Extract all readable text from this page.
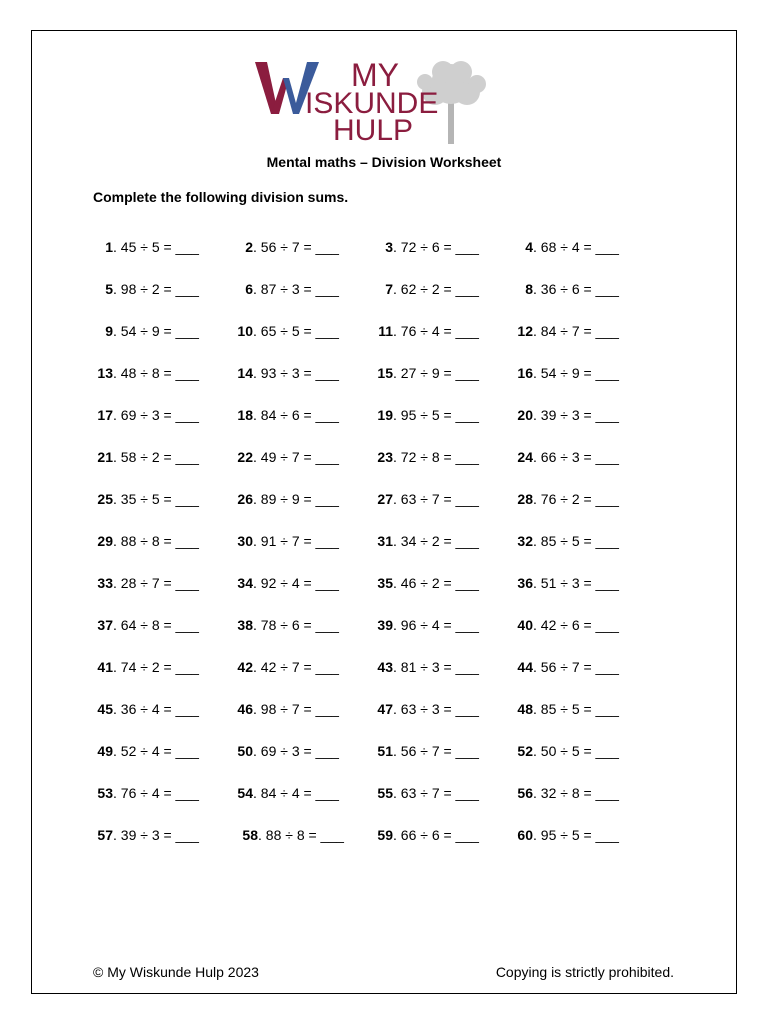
MY
ISKUNDE
HULP
Mental maths – Division Worksheet
Complete the following division sums.
1. 45 ÷ 5 = ___	2. 56 ÷ 7 = ___	3. 72 ÷ 6 = ___	4. 68 ÷ 4 = ___
5. 98 ÷ 2 = ___	6. 87 ÷ 3 = ___	7. 62 ÷ 2 = ___	8. 36 ÷ 6 = ___
9. 54 ÷ 9 = ___	10. 65 ÷ 5 = ___	11. 76 ÷ 4 = ___	12. 84 ÷ 7 = ___
13. 48 ÷ 8 = ___	14. 93 ÷ 3 = ___	15. 27 ÷ 9 = ___	16. 54 ÷ 9 = ___
17. 69 ÷ 3 = ___	18. 84 ÷ 6 = ___	19. 95 ÷ 5 = ___	20. 39 ÷ 3 = ___
21. 58 ÷ 2 = ___	22. 49 ÷ 7 = ___	23. 72 ÷ 8 = ___	24. 66 ÷ 3 = ___
25. 35 ÷ 5 = ___	26. 89 ÷ 9 = ___	27. 63 ÷ 7 = ___	28. 76 ÷ 2 = ___
29. 88 ÷ 8 = ___	30. 91 ÷ 7 = ___	31. 34 ÷ 2 = ___	32. 85 ÷ 5 = ___
33. 28 ÷ 7 = ___	34. 92 ÷ 4 = ___	35. 46 ÷ 2 = ___	36. 51 ÷ 3 = ___
37. 64 ÷ 8 = ___	38. 78 ÷ 6 = ___	39. 96 ÷ 4 = ___	40. 42 ÷ 6 = ___
41. 74 ÷ 2 = ___	42. 42 ÷ 7 = ___	43. 81 ÷ 3 = ___	44. 56 ÷ 7 = ___
45. 36 ÷ 4 = ___	46. 98 ÷ 7 = ___	47. 63 ÷ 3 = ___	48. 85 ÷ 5 = ___
49. 52 ÷ 4 = ___	50. 69 ÷ 3 = ___	51. 56 ÷ 7 = ___	52. 50 ÷ 5 = ___
53. 76 ÷ 4 = ___	54. 84 ÷ 4 = ___	55. 63 ÷ 7 = ___	56. 32 ÷ 8 = ___
57. 39 ÷ 3 = ___	58. 88 ÷ 8 = ___ 59. 66 ÷ 6 = ___	60. 95 ÷ 5 = ___
© My Wiskunde Hulp 2023	Copying is strictly prohibited.
